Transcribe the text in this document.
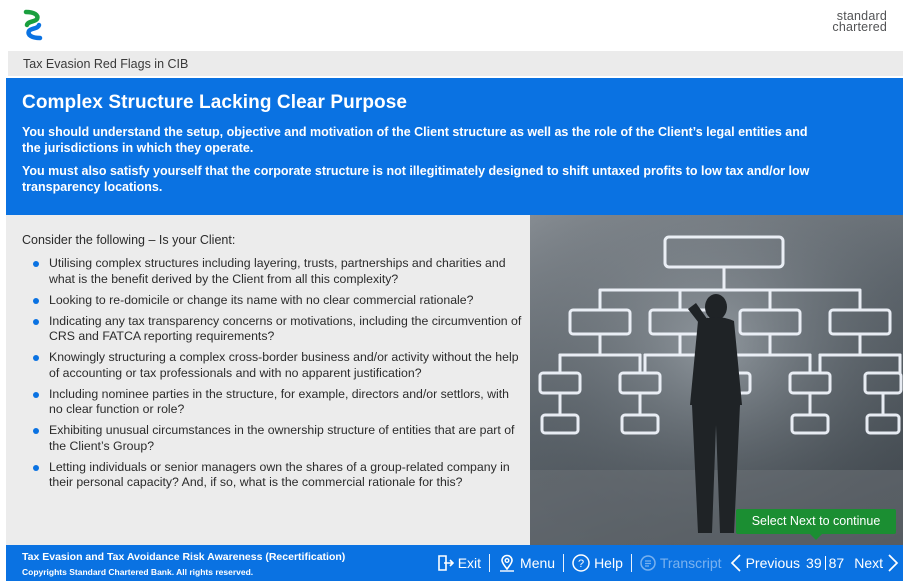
standard
chartered
Tax Evasion Red Flags in CIB
Complex Structure Lacking Clear Purpose

You should understand the setup, objective and motivation of the Client structure as well as the role of the Client’s legal entities and the jurisdictions in which they operate.

You must also satisfy yourself that the corporate structure is not illegitimately designed to shift untaxed profits to low tax and/or low transparency locations.

Consider the following – Is your Client:
Utilising complex structures including layering, trusts, partnerships and charities and what is the benefit derived by the Client from all this complexity?
Looking to re-domicile or change its name with no clear commercial rationale?
Indicating any tax transparency concerns or motivations, including the circumvention of CRS and FATCA reporting requirements?
Knowingly structuring a complex cross-border business and/or activity without the help of accounting or tax professionals and with no apparent justification?
Including nominee parties in the structure, for example, directors and/or settlors, with no clear function or role?
Exhibiting unusual circumstances in the ownership structure of entities that are part of the Client’s Group?
Letting individuals or senior managers own the shares of a group-related company in their personal capacity? And, if so, what is the commercial rationale for this?
Select Next to continue
Tax Evasion and Tax Avoidance Risk Awareness (Recertification)
Copyrights Standard Chartered Bank. All rights reserved.
Exit	Menu ? Help	Transcript Previous 39 87 Next
